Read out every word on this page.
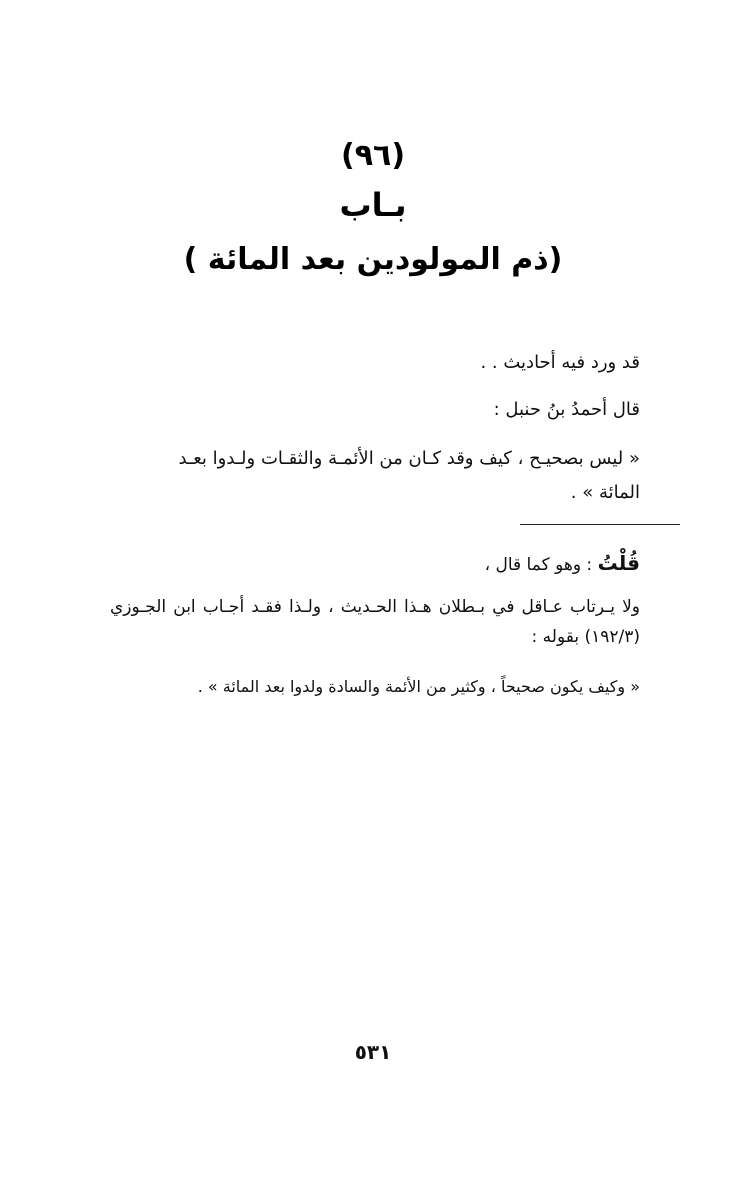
(٩٦)
بـاب
(ذم المولودين بعد المائة )
قد ورد فيه أحاديث . .
قال أحمدُ بنُ حنبل :
« ليس بصحيـح ، كيف وقد كـان من الأئمـة والثقـات ولـدوا بعـد
المائة » .
قُلْتُ : وهو كما قال ،
ولا يـرتاب عـاقل في بـطلان هـذا الحـديث ، ولـذا فقـد أجـاب ابن الجـوزي (١٩٢/٣) بقوله :
« وكيف يكون صحيحاً ، وكثير من الأئمة والسادة ولدوا بعد المائة » .
٥٣١
